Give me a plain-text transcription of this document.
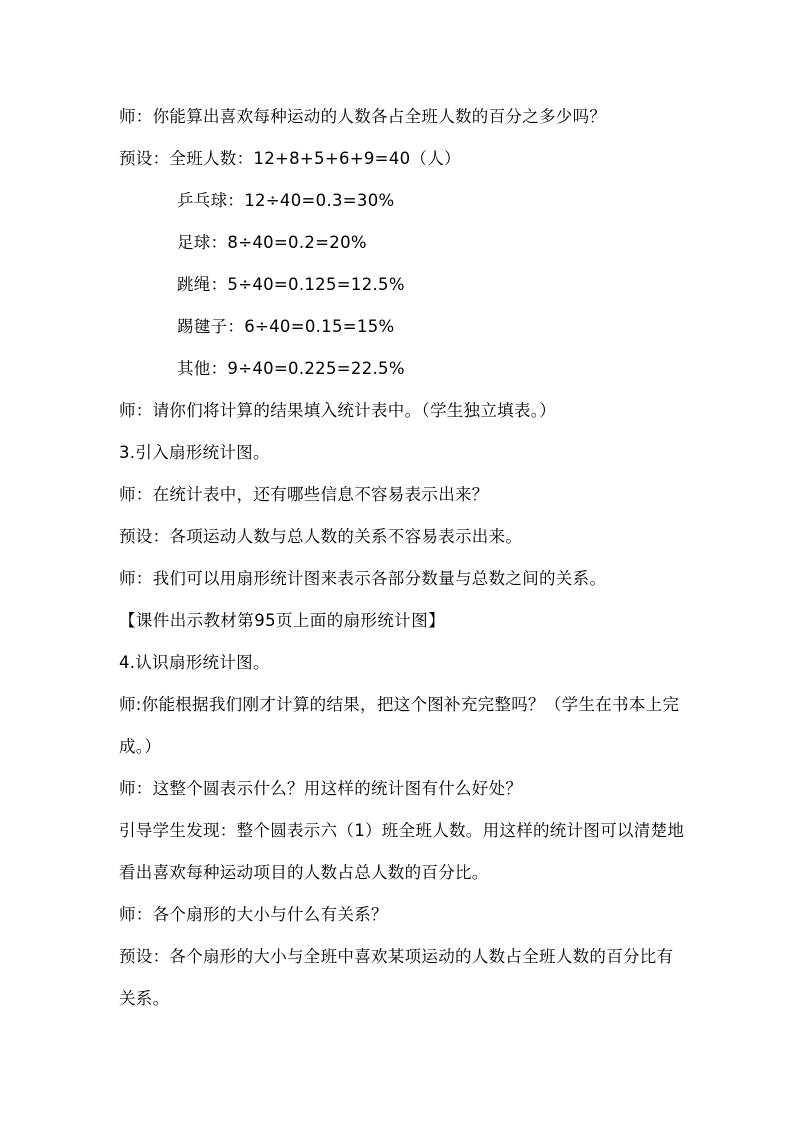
师：你能算出喜欢每种运动的人数各占全班人数的百分之多少吗？
预设：全班人数：12+8+5+6+9=40（人）
乒乓球：12÷40=0.3=30%
足球：8÷40=0.2=20%
跳绳：5÷40=0.125=12.5%
踢毽子：6÷40=0.15=15%
其他：9÷40=0.225=22.5%
师：请你们将计算的结果填入统计表中。（学生独立填表。）
3.引入扇形统计图。
师：在统计表中，还有哪些信息不容易表示出来？
预设：各项运动人数与总人数的关系不容易表示出来。
师：我们可以用扇形统计图来表示各部分数量与总数之间的关系。
【课件出示教材第95页上面的扇形统计图】
4.认识扇形统计图。
师:你能根据我们刚才计算的结果，把这个图补充完整吗？（学生在书本上完成。）
师：这整个圆表示什么？用这样的统计图有什么好处？
引导学生发现：整个圆表示六（1）班全班人数。用这样的统计图可以清楚地看出喜欢每种运动项目的人数占总人数的百分比。
师：各个扇形的大小与什么有关系？
预设：各个扇形的大小与全班中喜欢某项运动的人数占全班人数的百分比有关系。
